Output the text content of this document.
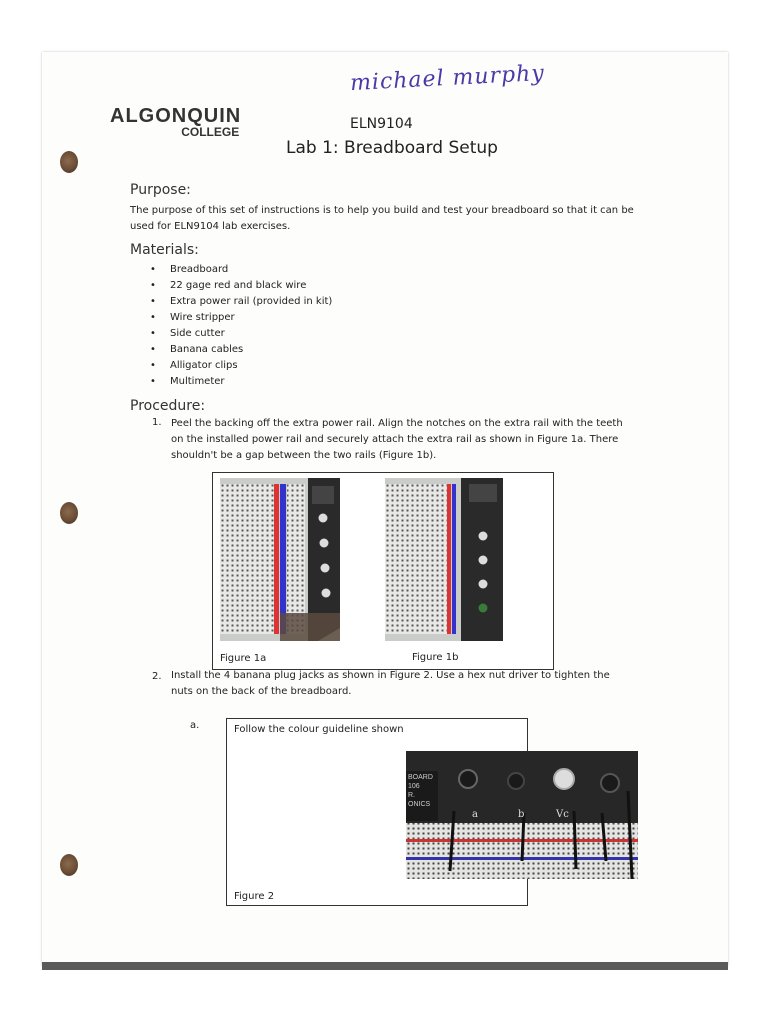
michael murphy
ALGONQUIN
COLLEGE	ELN9104
Lab 1: Breadboard Setup
Purpose:
The purpose of this set of instructions is to help you build and test your breadboard so that it can be used for ELN9104 lab exercises.
Materials:
• Breadboard
• 22 gage red and black wire
• Extra power rail (provided in kit)
• Wire stripper
• Side cutter
• Banana cables
• Alligator clips
• Multimeter
Procedure:
1. Peel the backing off the extra power rail. Align the notches on the extra rail with the teeth on the installed power rail and securely attach the extra rail as shown in Figure 1a. There shouldn't be a gap between the two rails (Figure 1b).
Figure 1a	Figure 1b
2. Install the 4 banana plug jacks as shown in Figure 2. Use a hex nut driver to tighten the nuts on the back of the breadboard.
a.	Follow the colour guideline shown
Figure 2
BOARD
106
R.
ONICS
a	b	Vc
